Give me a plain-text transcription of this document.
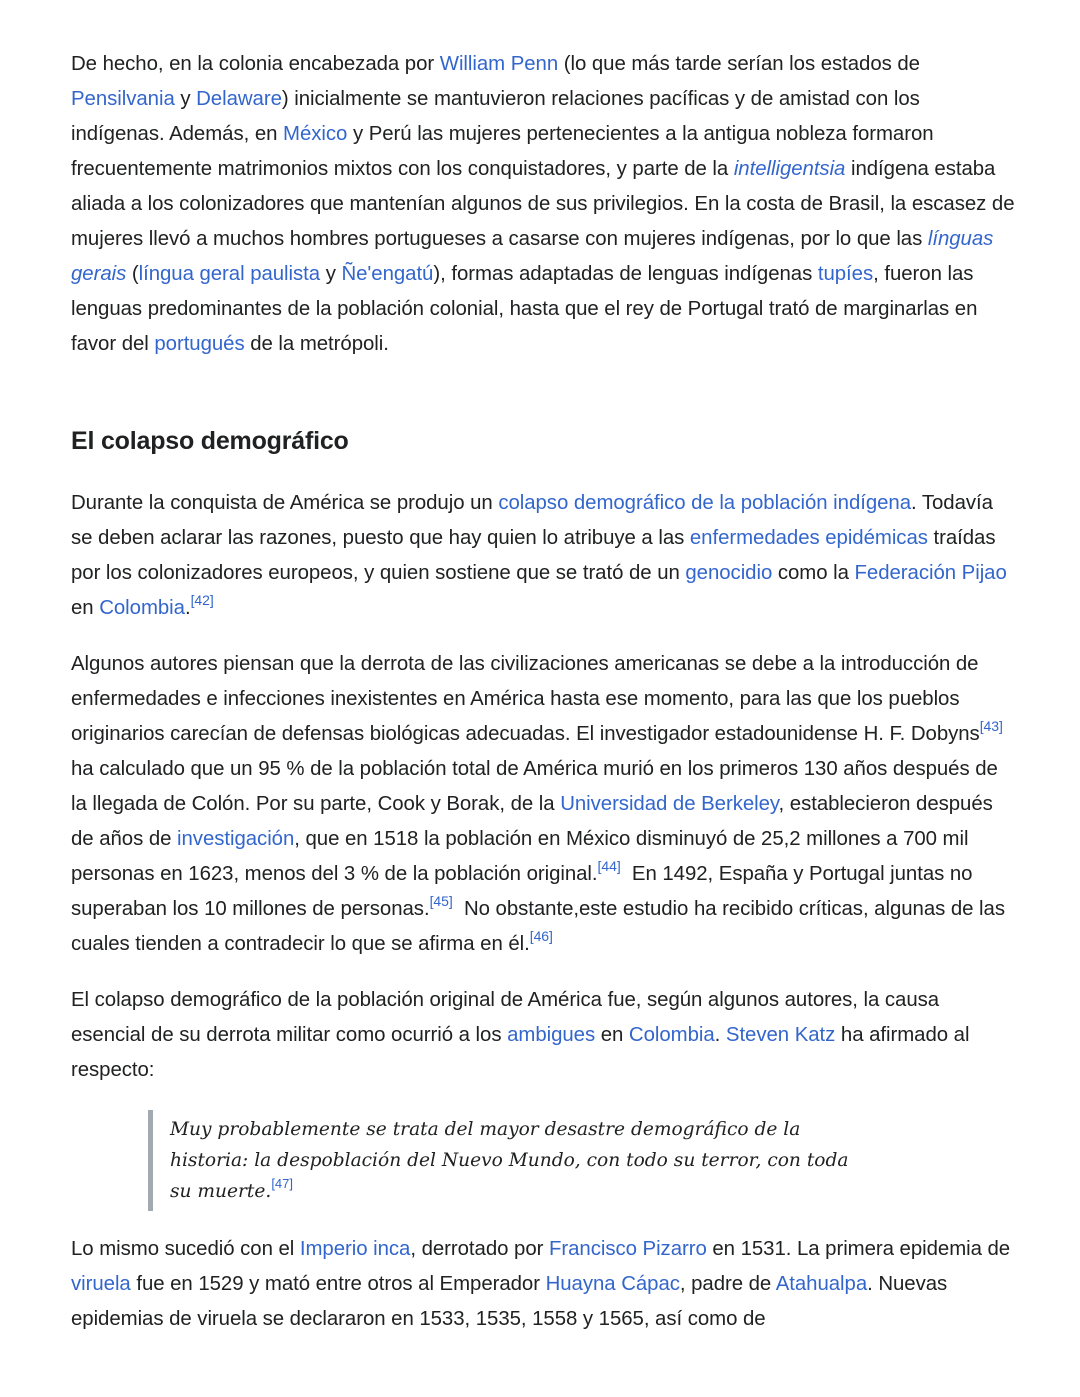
De hecho, en la colonia encabezada por William Penn (lo que más tarde serían los estados de Pensilvania y Delaware) inicialmente se mantuvieron relaciones pacíficas y de amistad con los indígenas. Además, en México y Perú las mujeres pertenecientes a la antigua nobleza formaron frecuentemente matrimonios mixtos con los conquistadores, y parte de la intelligentsia indígena estaba aliada a los colonizadores que mantenían algunos de sus privilegios. En la costa de Brasil, la escasez de mujeres llevó a muchos hombres portugueses a casarse con mujeres indígenas, por lo que las línguas gerais (língua geral paulista y Ñe'engatú), formas adaptadas de lenguas indígenas tupíes, fueron las lenguas predominantes de la población colonial, hasta que el rey de Portugal trató de marginarlas en favor del portugués de la metrópoli.

El colapso demográfico

Durante la conquista de América se produjo un colapso demográfico de la población indígena. Todavía se deben aclarar las razones, puesto que hay quien lo atribuye a las enfermedades epidémicas traídas por los colonizadores europeos, y quien sostiene que se trató de un genocidio como la Federación Pijao en Colombia.[42]

Algunos autores piensan que la derrota de las civilizaciones americanas se debe a la introducción de enfermedades e infecciones inexistentes en América hasta ese momento, para las que los pueblos originarios carecían de defensas biológicas adecuadas. El investigador estadounidense H. F. Dobyns[43]  ha calculado que un 95 % de la población total de América murió en los primeros 130 años después de la llegada de Colón. Por su parte, Cook y Borak, de la Universidad de Berkeley, establecieron después de años de investigación, que en 1518 la población en México disminuyó de 25,2 millones a 700 mil personas en 1623, menos del 3 % de la población original.[44]  En 1492, España y Portugal juntas no superaban los 10 millones de personas.[45]  No obstante,este estudio ha recibido críticas, algunas de las cuales tienden a contradecir lo que se afirma en él.[46]

El colapso demográfico de la población original de América fue, según algunos autores, la causa esencial de su derrota militar como ocurrió a los ambigues en Colombia. Steven Katz ha afirmado al respecto:

Muy probablemente se trata del mayor desastre demográfico de la historia: la despoblación del Nuevo Mundo, con todo su terror, con toda su muerte.[47]

Lo mismo sucedió con el Imperio inca, derrotado por Francisco Pizarro en 1531. La primera epidemia de viruela fue en 1529 y mató entre otros al Emperador Huayna Cápac, padre de Atahualpa. Nuevas epidemias de viruela se declararon en 1533, 1535, 1558 y 1565, así como de
